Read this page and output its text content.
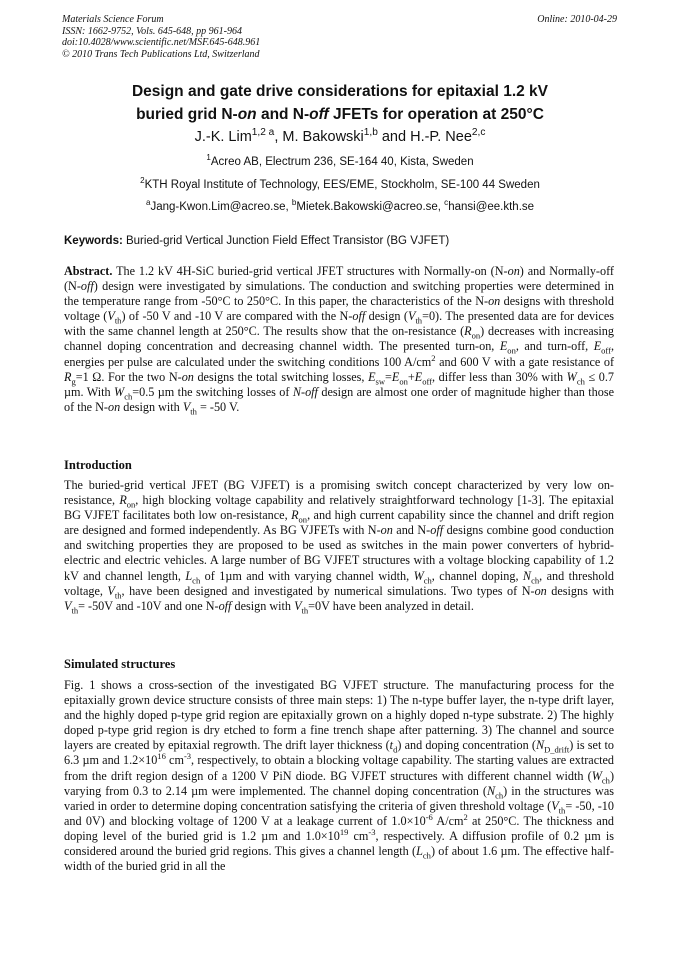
Materials Science Forum
ISSN: 1662-9752, Vols. 645-648, pp 961-964
doi:10.4028/www.scientific.net/MSF.645-648.961
© 2010 Trans Tech Publications Ltd, Switzerland
Online: 2010-04-29
Design and gate drive considerations for epitaxial 1.2 kV
buried grid N-on and N-off JFETs for operation at 250°C
J.-K. Lim$^{1,2 a}$, M. Bakowski$^{1,b}$ and H.-P. Nee$^{2,c}$
$^1$Acreo AB, Electrum 236, SE-164 40, Kista, Sweden
$^2$KTH Royal Institute of Technology, EES/EME, Stockholm, SE-100 44 Sweden
$^a$Jang-Kwon.Lim@acreo.se, $^b$Mietek.Bakowski@acreo.se, $^c$hansi@ee.kth.se
Keywords: Buried-grid Vertical Junction Field Effect Transistor (BG VJFET)
Abstract. The 1.2 kV 4H-SiC buried-grid vertical JFET structures with Normally-on (N-on) and Normally-off (N-off) design were investigated by simulations. The conduction and switching properties were determined in the temperature range from -50°C to 250°C. In this paper, the characteristics of the N-on designs with threshold voltage $(V_{th})$ of -50 V and -10 V are compared with the N-off design $(V_{th}=0)$. The presented data are for devices with the same channel length at 250°C. The results show that the on-resistance $(R_{on})$ decreases with increasing channel doping concentration and decreasing channel width. The presented turn-on, $E_{on}$, and turn-off, $E_{off}$, energies per pulse are calculated under the switching conditions 100 $A/cm^2$ and 600 V with a gate resistance of $R_g=1$ Ω. For the two N-on designs the total switching losses, $E_{sw}=E_{on}+E_{off}$, differ less than 30% with $W_{ch} \le 0.7$ µm. With $W_{ch}=0.5$ µm the switching losses of N-off design are almost one order of magnitude higher than those of the N-on design with $V_{th} = -50$ V.
Introduction
The buried-grid vertical JFET (BG VJFET) is a promising switch concept characterized by very low on-resistance, $R_{on}$, high blocking voltage capability and relatively straightforward technology [1-3]. The epitaxial BG VJFET facilitates both low on-resistance, $R_{on}$, and high current capability since the channel and drift region are designed and formed independently. As BG VJFETs with N-on and N-off designs combine good conduction and switching properties they are proposed to be used as switches in the main power converters of hybrid-electric and electric vehicles. A large number of BG VJFET structures with a voltage blocking capability of 1.2 kV and channel length, $L_{ch}$ of 1µm and with varying channel width, $W_{ch}$, channel doping, $N_{ch}$, and threshold voltage, $V_{th}$, have been designed and investigated by numerical simulations. Two types of N-on designs with $V_{th}= -50V$ and -10V and one N-off design with $V_{th}=0V$ have been analyzed in detail.
Simulated structures
Fig. 1 shows a cross-section of the investigated BG VJFET structure. The manufacturing process for the epitaxially grown device structure consists of three main steps: 1) The n-type buffer layer, the n-type drift layer, and the highly doped p-type grid region are epitaxially grown on a highly doped n-type substrate. 2) The highly doped p-type grid region is dry etched to form a fine trench shape after patterning. 3) The channel and source layers are created by epitaxial regrowth. The drift layer thickness $(t_d)$ and doping concentration $(N_{D\_drift})$ is set to 6.3 µm and $1.2\times 10^{16}$ $cm^{-3}$, respectively, to obtain a blocking voltage capability. The starting values are extracted from the drift region design of a 1200 V PiN diode. BG VJFET structures with different channel width $(W_{ch})$ varying from 0.3 to 2.14 µm were implemented. The channel doping concentration $(N_{ch})$ in the structures was varied in order to determine doping concentration satisfying the criteria of given threshold voltage ($V_{th}= -50$, -10 and 0V) and blocking voltage of 1200 V at a leakage current of $1.0\times 10^{-6}$ $A/cm^2$ at 250°C. The thickness and doping level of the buried grid is 1.2 µm and $1.0\times 10^{19}$ $cm^{-3}$, respectively. A diffusion profile of 0.2 µm is considered around the buried grid regions. This gives a channel length $(L_{ch})$ of about 1.6 µm. The effective half-width of the buried grid in all the
